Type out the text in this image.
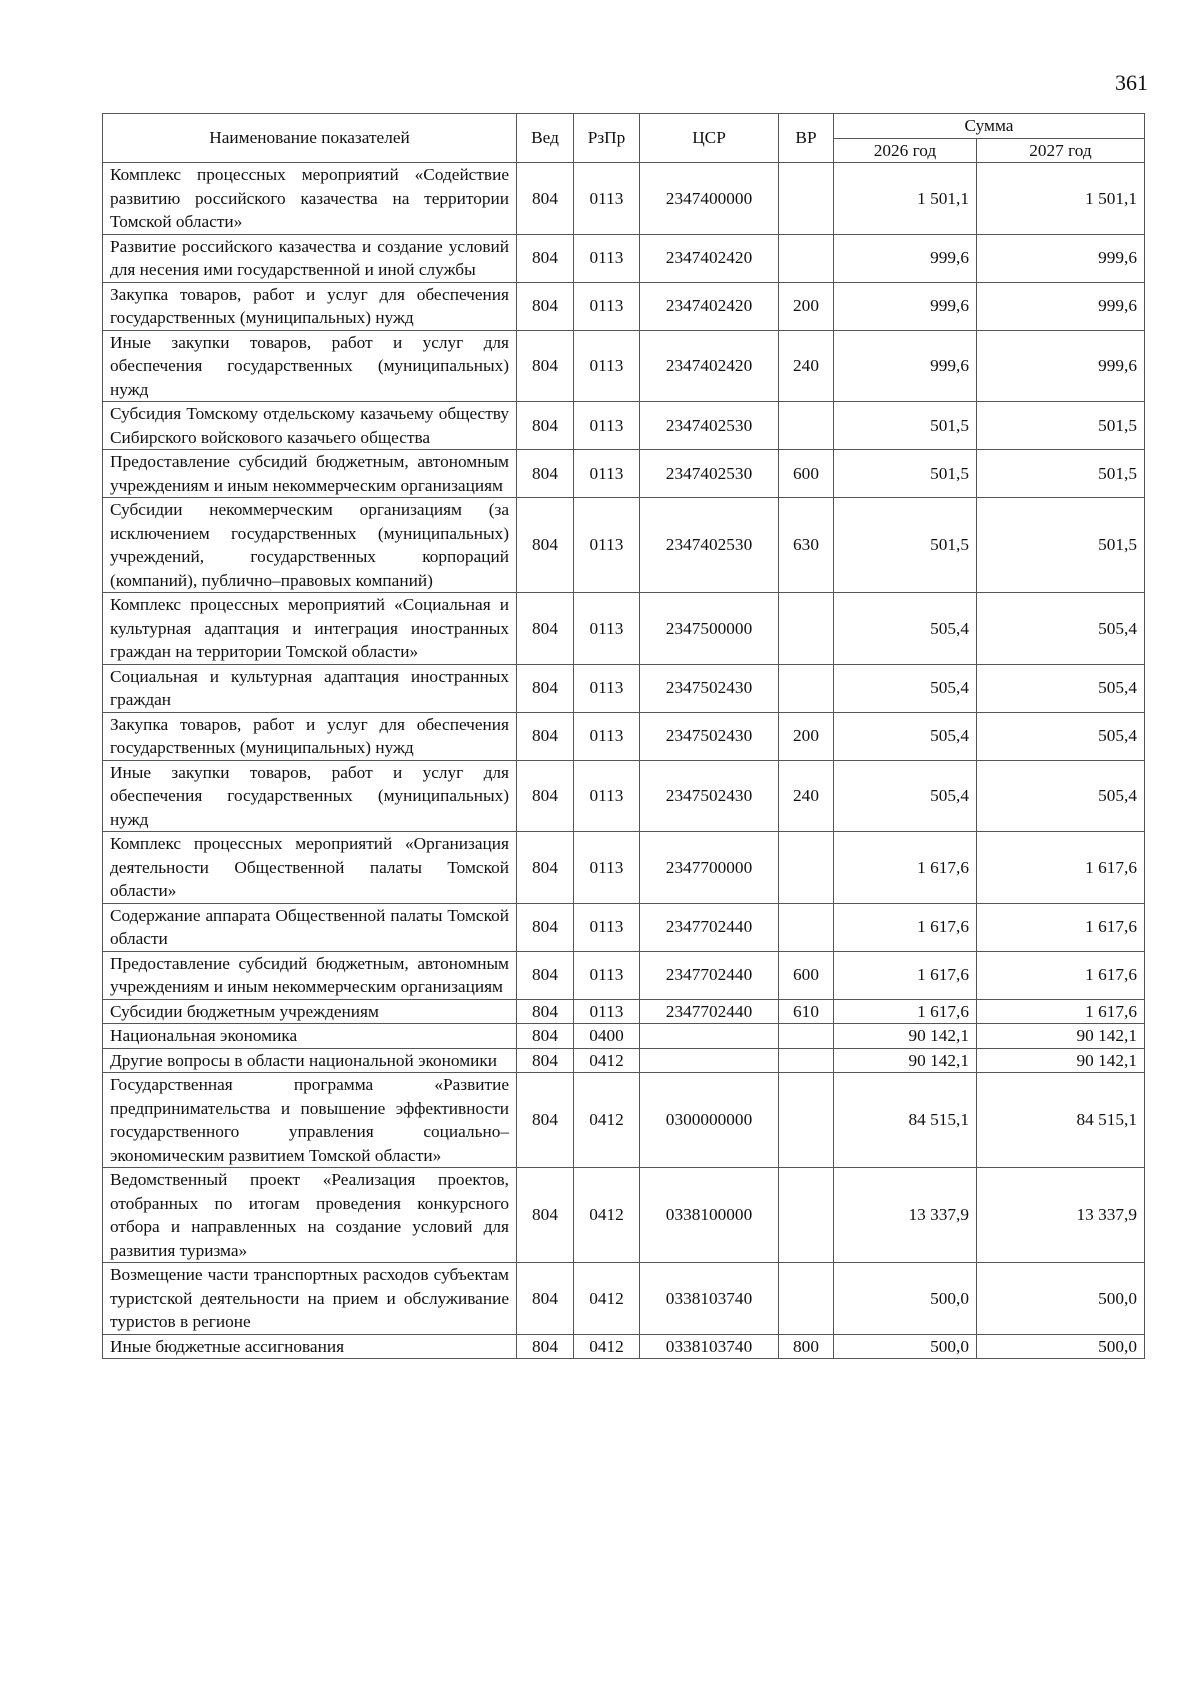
361
Наименование показателей	Вед	РзПр	ЦСР	ВР	Сумма	
					2026 год	2027 год
Комплекс процессных мероприятий «Содействие развитию российского казачества на территории Томской области»	804	0113	2347400000		1 501,1	1 501,1
Развитие российского казачества и создание условий для несения ими государственной и иной службы	804	0113	2347402420		999,6	999,6
Закупка товаров, работ и услуг для обеспечения государственных (муниципальных) нужд	804	0113	2347402420	200	999,6	999,6
Иные закупки товаров, работ и услуг для обеспечения государственных (муниципальных) нужд	804	0113	2347402420	240	999,6	999,6
Субсидия Томскому отдельскому казачьему обществу Сибирского войскового казачьего общества	804	0113	2347402530		501,5	501,5
Предоставление субсидий бюджетным, автономным учреждениям и иным некоммерческим организациям	804	0113	2347402530	600	501,5	501,5
Субсидии некоммерческим организациям (за исключением государственных (муниципальных) учреждений, государственных корпораций (компаний), публично–правовых компаний)	804	0113	2347402530	630	501,5	501,5
Комплекс процессных мероприятий «Социальная и культурная адаптация и интеграция иностранных граждан на территории Томской области»	804	0113	2347500000		505,4	505,4
Социальная и культурная адаптация иностранных граждан	804	0113	2347502430		505,4	505,4
Закупка товаров, работ и услуг для обеспечения государственных (муниципальных) нужд	804	0113	2347502430	200	505,4	505,4
Иные закупки товаров, работ и услуг для обеспечения государственных (муниципальных) нужд	804	0113	2347502430	240	505,4	505,4
Комплекс процессных мероприятий «Организация деятельности Общественной палаты Томской области»	804	0113	2347700000		1 617,6	1 617,6
Содержание аппарата Общественной палаты Томской области	804	0113	2347702440		1 617,6	1 617,6
Предоставление субсидий бюджетным, автономным учреждениям и иным некоммерческим организациям	804	0113	2347702440	600	1 617,6	1 617,6
Субсидии бюджетным учреждениям	804	0113	2347702440	610	1 617,6	1 617,6
Национальная экономика	804	0400			90 142,1	90 142,1
Другие вопросы в области национальной экономики	804	0412			90 142,1	90 142,1
Государственная программа «Развитие предпринимательства и повышение эффективности государственного управления социально–экономическим развитием Томской области»	804	0412	0300000000		84 515,1	84 515,1
Ведомственный проект «Реализация проектов, отобранных по итогам проведения конкурсного отбора и направленных на создание условий для развития туризма»	804	0412	0338100000		13 337,9	13 337,9
Возмещение части транспортных расходов субъектам туристской деятельности на прием и обслуживание туристов в регионе	804	0412	0338103740		500,0	500,0
Иные бюджетные ассигнования	804	0412	0338103740	800	500,0	500,0
